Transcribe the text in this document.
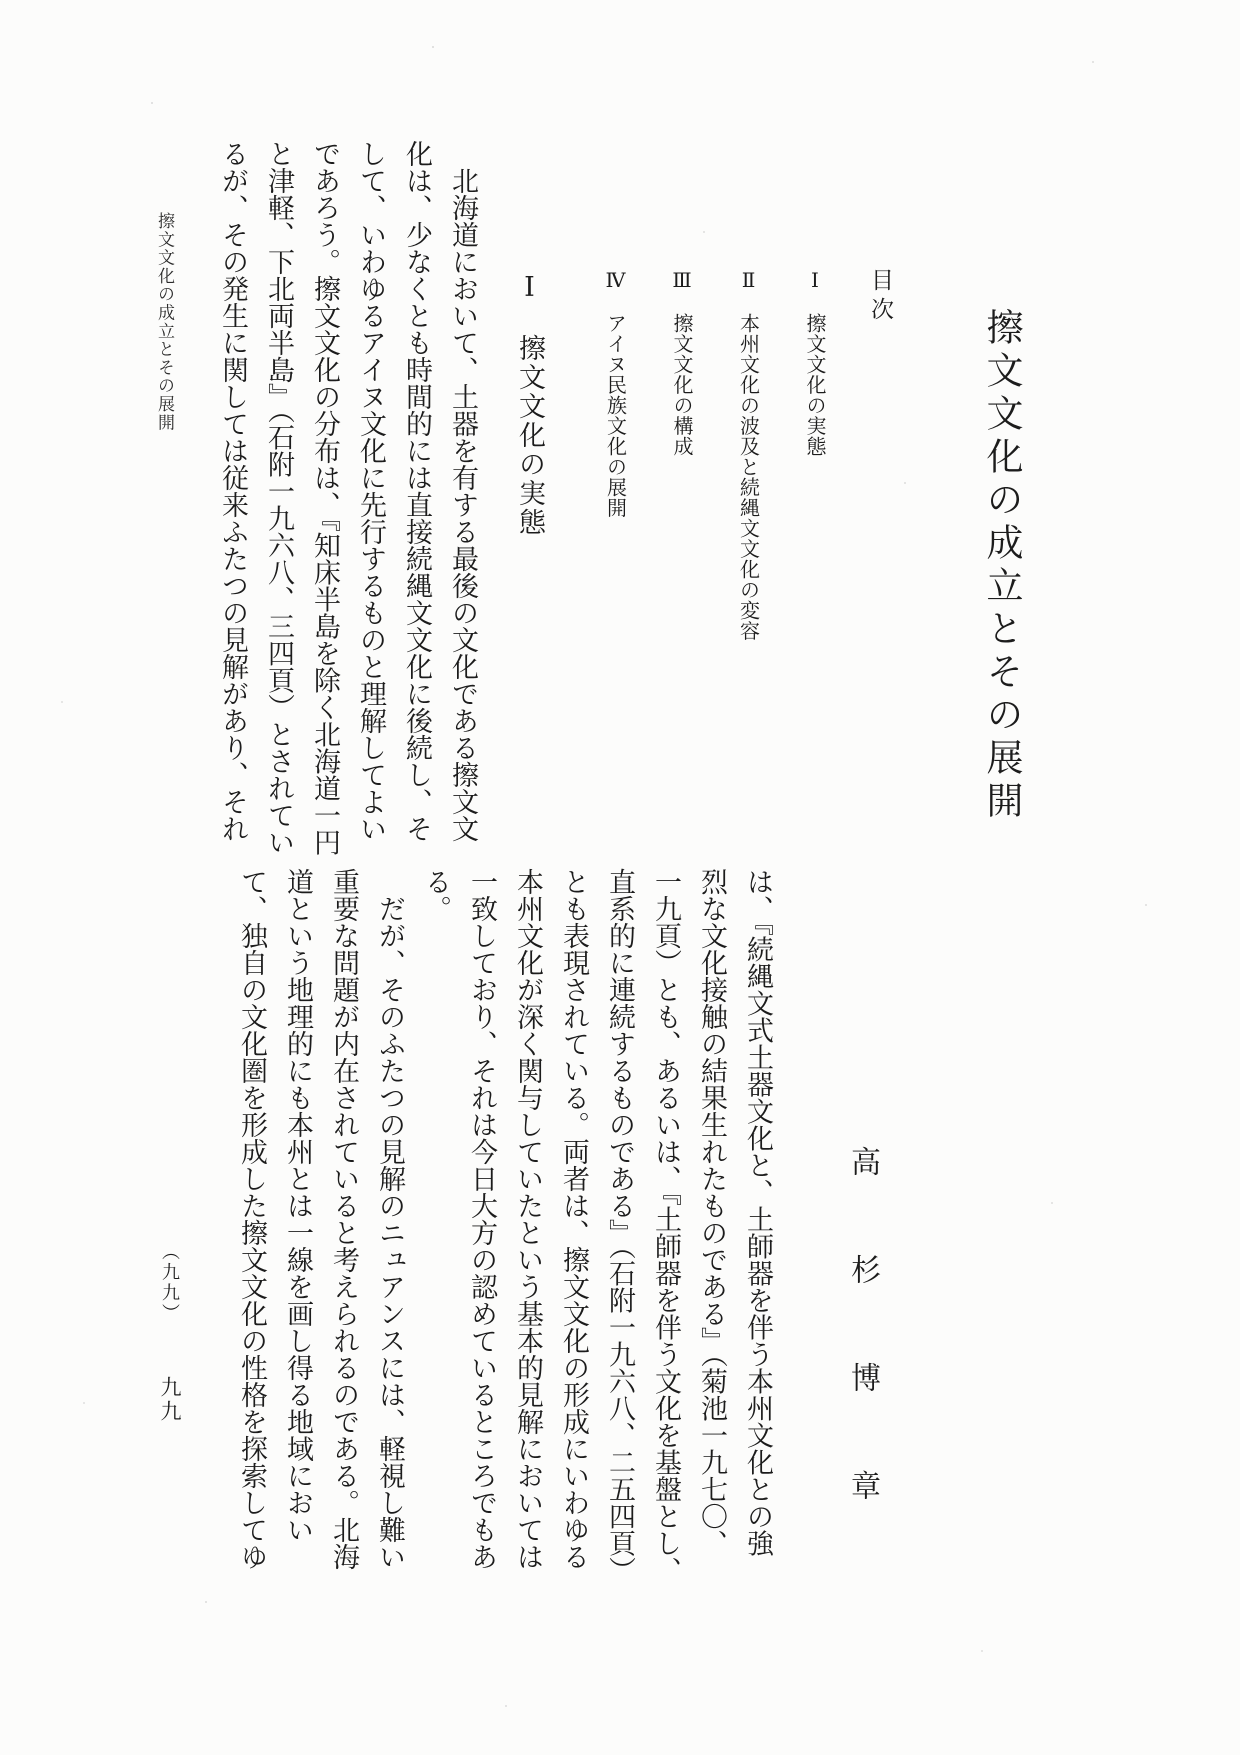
擦文文化の成立とその展開
高杉博章
目次

Ⅰ　擦文文化の実態

Ⅱ　本州文化の波及と続縄文文化の変容

Ⅲ　擦文文化の構成

Ⅳ　アイヌ民族文化の展開

Ⅰ　擦文文化の実態

　北海道において、土器を有する最後の文化である擦文文

化は、少なくとも時間的には直接続縄文文化に後続し、そ

して、いわゆるアイヌ文化に先行するものと理解してよい

であろう。擦文文化の分布は、『知床半島を除く北海道一円

と津軽、下北両半島』（石附一九六八、三四頁）とされてい

るが、その発生に関しては従来ふたつの見解があり、それ

は、『続縄文式土器文化と、土師器を伴う本州文化との強

烈な文化接触の結果生れたものである』（菊池一九七〇、

一九頁）とも、あるいは、『土師器を伴う文化を基盤とし、

直系的に連続するものである』（石附一九六八、二五四頁）

とも表現されている。両者は、擦文文化の形成にいわゆる

本州文化が深く関与していたという基本的見解においては

一致しており、それは今日大方の認めているところでもあ

る。

　だが、そのふたつの見解のニュアンスには、軽視し難い

重要な問題が内在されていると考えられるのである。北海

道という地理的にも本州とは一線を画し得る地域におい

て、独自の文化圏を形成した擦文文化の性格を探索してゆ

擦文文化の成立とその展開
（九九）
九九
